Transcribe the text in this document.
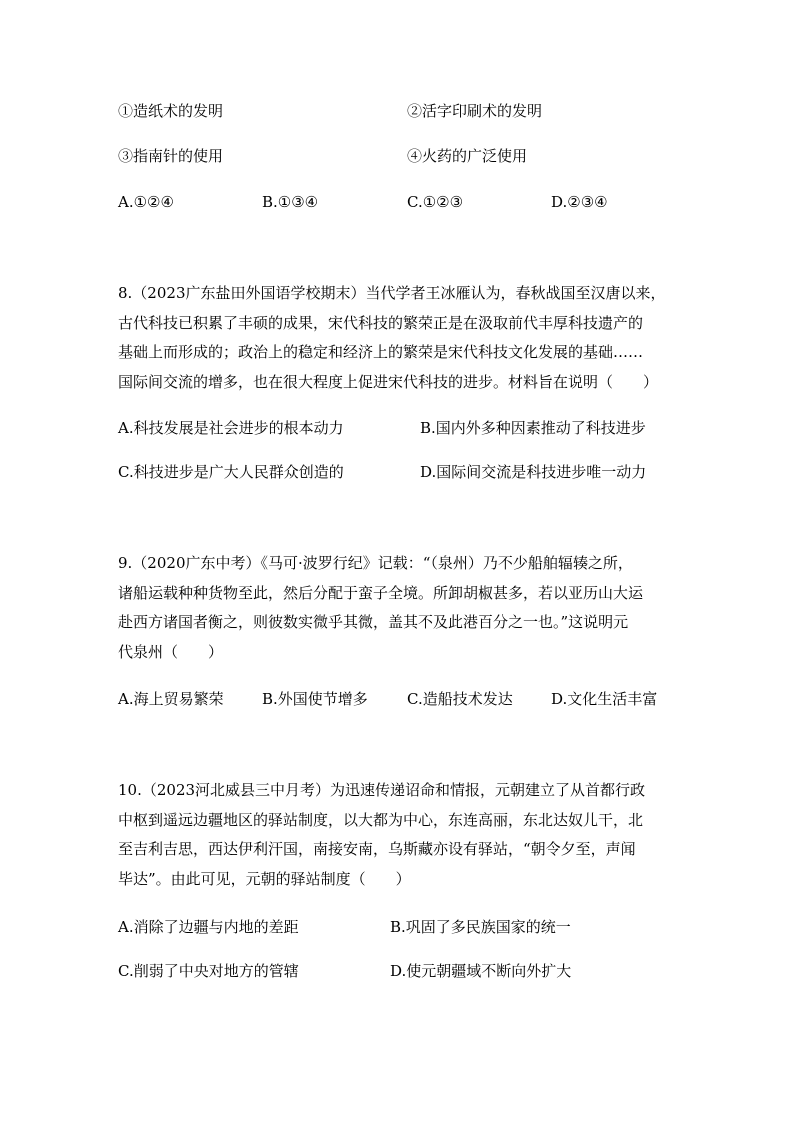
①造纸术的发明	②活字印刷术的发明
③指南针的使用	④火药的广泛使用
A.①②④	B.①③④	C.①②③	D.②③④
8.（2023广东盐田外国语学校期末）当代学者王冰雁认为，春秋战国至汉唐以来，
古代科技已积累了丰硕的成果，宋代科技的繁荣正是在汲取前代丰厚科技遗产的
基础上而形成的；政治上的稳定和经济上的繁荣是宋代科技文化发展的基础……
国际间交流的增多，也在很大程度上促进宋代科技的进步。材料旨在说明（　　）
A.科技发展是社会进步的根本动力	B.国内外多种因素推动了科技进步
C.科技进步是广大人民群众创造的	D.国际间交流是科技进步唯一动力
9.（2020广东中考）《马可·波罗行纪》记载：“（泉州）乃不少船舶辐辏之所，
诸船运载种种货物至此，然后分配于蛮子全境。所卸胡椒甚多，若以亚历山大运
赴西方诸国者衡之，则彼数实微乎其微，盖其不及此港百分之一也。”这说明元
代泉州（　　）
A.海上贸易繁荣	B.外国使节增多	C.造船技术发达	D.文化生活丰富
10.（2023河北威县三中月考）为迅速传递诏命和情报，元朝建立了从首都行政
中枢到遥远边疆地区的驿站制度，以大都为中心，东连高丽，东北达奴儿干，北
至吉利吉思，西达伊利汗国，南接安南，乌斯藏亦设有驿站，“朝令夕至，声闻
毕达”。由此可见，元朝的驿站制度（　　）
A.消除了边疆与内地的差距	B.巩固了多民族国家的统一
C.削弱了中央对地方的管辖	D.使元朝疆域不断向外扩大
